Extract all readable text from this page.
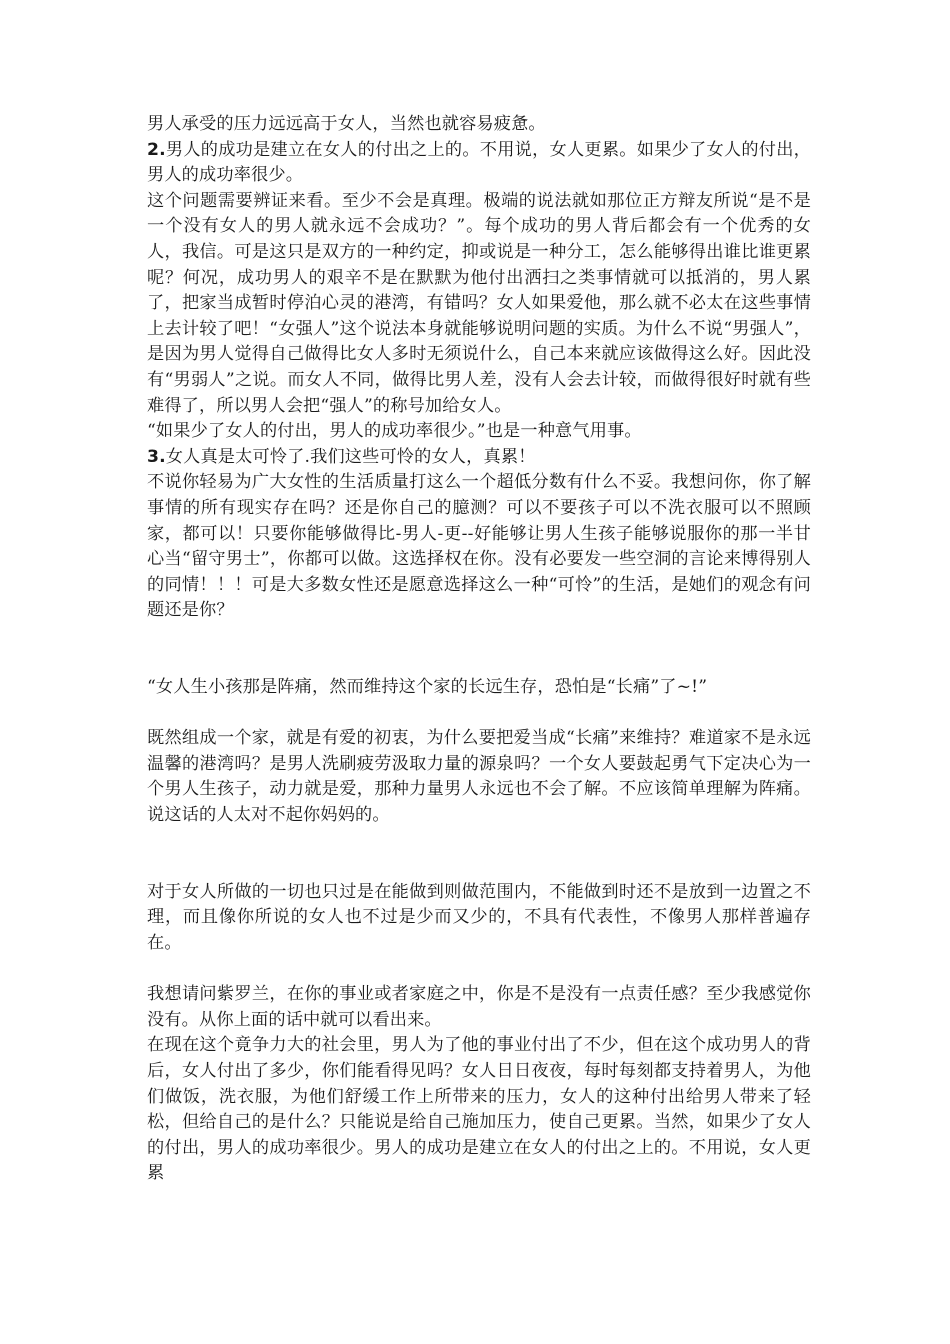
男人承受的压力远远高于女人，当然也就容易疲惫。

2.男人的成功是建立在女人的付出之上的。不用说，女人更累。如果少了女人的付出，男人的成功率很少。

这个问题需要辨证来看。至少不会是真理。极端的说法就如那位正方辩友所说“是不是一个没有女人的男人就永远不会成功？”。每个成功的男人背后都会有一个优秀的女人，我信。可是这只是双方的一种约定，抑或说是一种分工，怎么能够得出谁比谁更累呢？何况，成功男人的艰辛不是在默默为他付出洒扫之类事情就可以抵消的，男人累了，把家当成暂时停泊心灵的港湾，有错吗？女人如果爱他，那么就不必太在这些事情上去计较了吧！“女强人”这个说法本身就能够说明问题的实质。为什么不说“男强人”，是因为男人觉得自己做得比女人多时无须说什么，自己本来就应该做得这么好。因此没有“男弱人”之说。而女人不同，做得比男人差，没有人会去计较，而做得很好时就有些难得了，所以男人会把“强人”的称号加给女人。

“如果少了女人的付出，男人的成功率很少。”也是一种意气用事。

3.女人真是太可怜了.我们这些可怜的女人，真累！

不说你轻易为广大女性的生活质量打这么一个超低分数有什么不妥。我想问你，你了解事情的所有现实存在吗？还是你自己的臆测？可以不要孩子可以不洗衣服可以不照顾家，都可以！只要你能够做得比-男人-更--好能够让男人生孩子能够说服你的那一半甘心当“留守男士”，你都可以做。这选择权在你。没有必要发一些空洞的言论来博得别人的同情！！！可是大多数女性还是愿意选择这么一种“可怜”的生活，是她们的观念有问题还是你？

“女人生小孩那是阵痛，然而维持这个家的长远生存，恐怕是“长痛”了~!”

既然组成一个家，就是有爱的初衷，为什么要把爱当成“长痛”来维持？难道家不是永远温馨的港湾吗？是男人洗刷疲劳汲取力量的源泉吗？一个女人要鼓起勇气下定决心为一个男人生孩子，动力就是爱，那种力量男人永远也不会了解。不应该简单理解为阵痛。说这话的人太对不起你妈妈的。

对于女人所做的一切也只过是在能做到则做范围内，不能做到时还不是放到一边置之不理，而且像你所说的女人也不过是少而又少的，不具有代表性，不像男人那样普遍存在。

我想请问紫罗兰，在你的事业或者家庭之中，你是不是没有一点责任感？至少我感觉你没有。从你上面的话中就可以看出来。

在现在这个竟争力大的社会里，男人为了他的事业付出了不少，但在这个成功男人的背后，女人付出了多少，你们能看得见吗？女人日日夜夜，每时每刻都支持着男人，为他们做饭，洗衣服，为他们舒缓工作上所带来的压力，女人的这种付出给男人带来了轻松，但给自己的是什么？只能说是给自己施加压力，使自己更累。当然，如果少了女人的付出，男人的成功率很少。男人的成功是建立在女人的付出之上的。不用说，女人更累
